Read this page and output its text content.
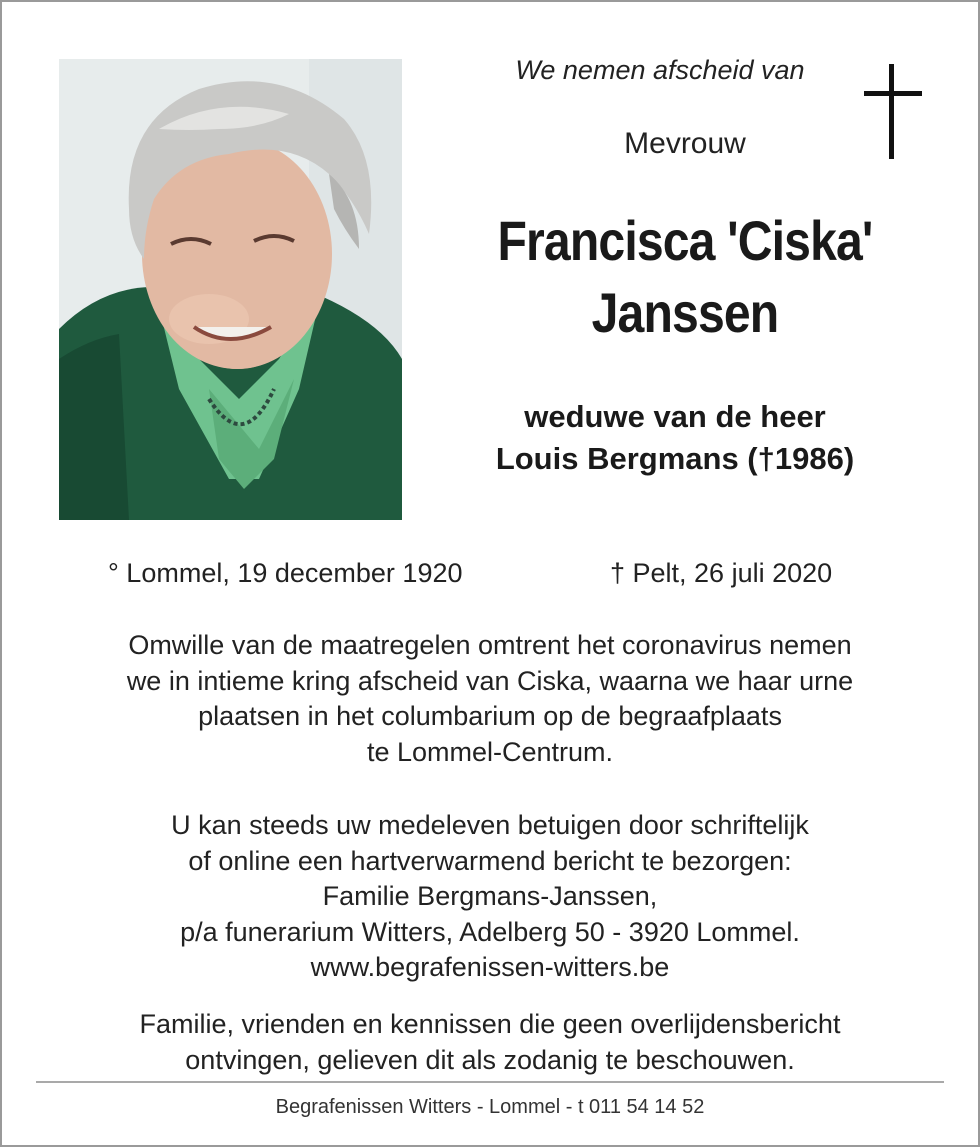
We nemen afscheid van
Mevrouw
Francisca 'Ciska'
Janssen
weduwe van de heer
Louis Bergmans (†1986)
° Lommel, 19 december 1920	† Pelt, 26 juli 2020
Omwille van de maatregelen omtrent het coronavirus nemen
we in intieme kring afscheid van Ciska, waarna we haar urne
plaatsen in het columbarium op de begraafplaats
te Lommel-Centrum.
U kan steeds uw medeleven betuigen door schriftelijk
of online een hartverwarmend bericht te bezorgen:
Familie Bergmans-Janssen,
p/a funerarium Witters, Adelberg 50 - 3920 Lommel.
www.begrafenissen-witters.be
Familie, vrienden en kennissen die geen overlijdensbericht
ontvingen, gelieven dit als zodanig te beschouwen.
Begrafenissen Witters - Lommel - t 011 54 14 52
